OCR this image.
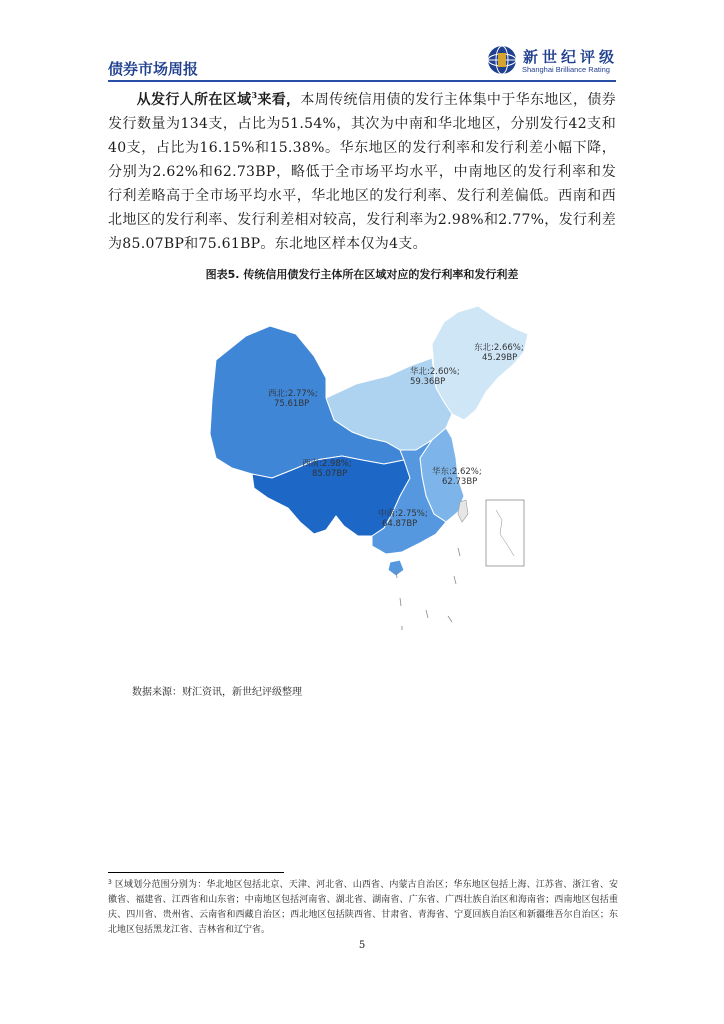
债券市场周报
新世纪评级
Shanghai Brilliance Rating
  从发行人所在区域$^3$来看，本周传统信用债的发行主体集中于华东地区，债券发行数量为134支，占比为51.54%，其次为中南和华北地区，分别发行42支和40支，占比为16.15%和15.38%。华东地区的发行利率和发行利差小幅下降，分别为2.62%和62.73BP，略低于全市场平均水平，中南地区的发行利率和发行利差略高于全市场平均水平，华北地区的发行利率、发行利差偏低。西南和西北地区的发行利率、发行利差相对较高，发行利率为2.98%和2.77%，发行利差为85.07BP和75.61BP。东北地区样本仅为4支。
图表5. 传统信用债发行主体所在区域对应的发行利率和发行利差
东北:2.66%;
45.29BP
华北:2.60%;
59.36BP
西北:2.77%;
75.61BP
西南:2.98%;
85.07BP	华东:2.62%;
62.73BP
中南:2.75%;
64.87BP
数据来源：财汇资讯，新世纪评级整理
$^3$ 区域划分范围分别为：华北地区包括北京、天津、河北省、山西省、内蒙古自治区；华东地区包括上海、江苏省、浙江省、安徽省、福建省、江西省和山东省；中南地区包括河南省、湖北省、湖南省、广东省、广西壮族自治区和海南省；西南地区包括重庆、四川省、贵州省、云南省和西藏自治区；西北地区包括陕西省、甘肃省、青海省、宁夏回族自治区和新疆维吾尔自治区；东北地区包括黑龙江省、吉林省和辽宁省。
5
